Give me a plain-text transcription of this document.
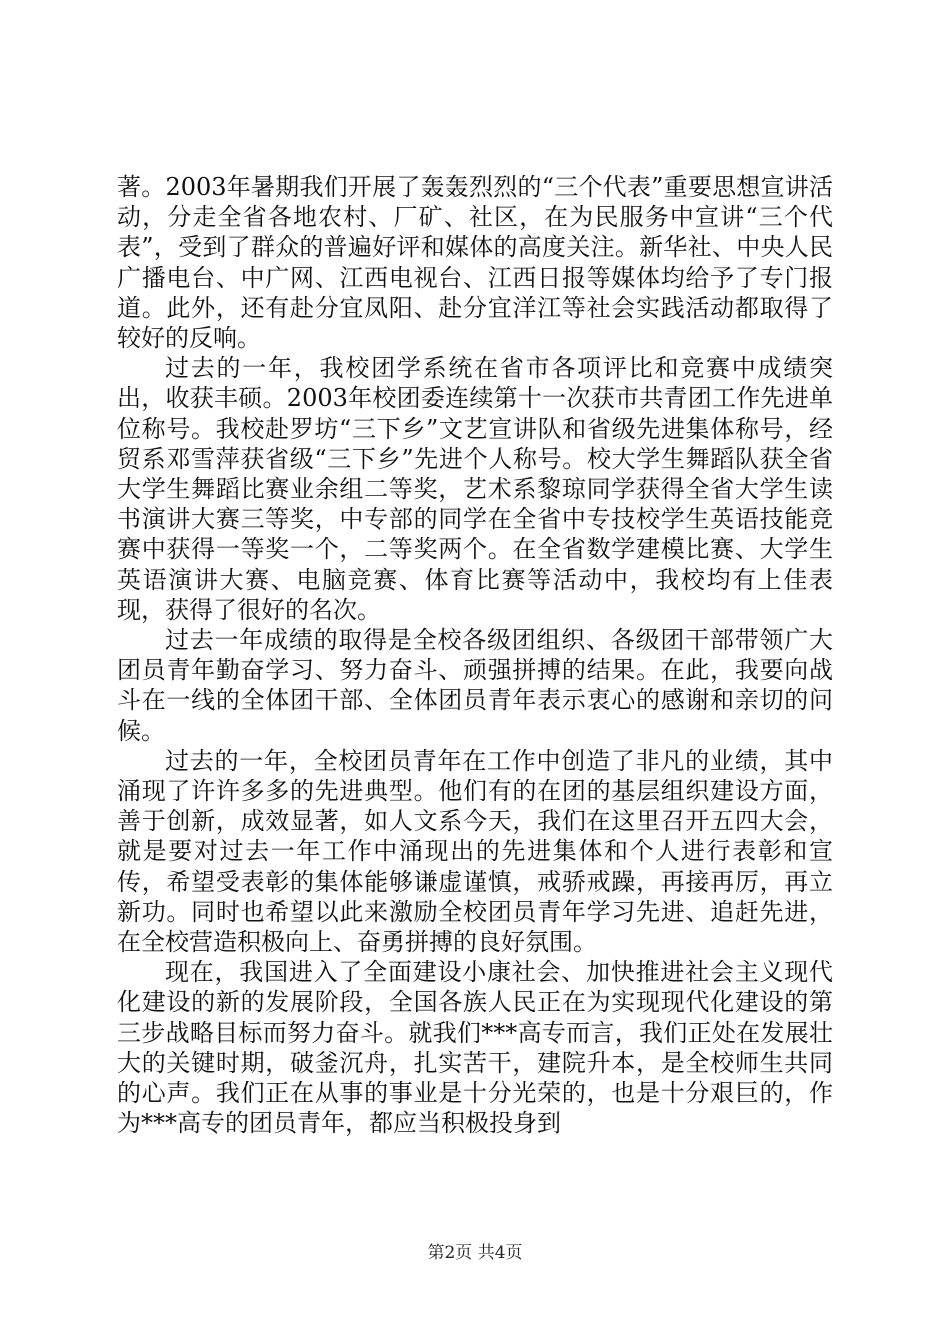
著。2003年暑期我们开展了轰轰烈烈的“三个代表”重要思想宣讲活动，分走全省各地农村、厂矿、社区，在为民服务中宣讲“三个代表”，受到了群众的普遍好评和媒体的高度关注。新华社、中央人民广播电台、中广网、江西电视台、江西日报等媒体均给予了专门报道。此外，还有赴分宜凤阳、赴分宜洋江等社会实践活动都取得了较好的反响。

过去的一年，我校团学系统在省市各项评比和竞赛中成绩突出，收获丰硕。2003年校团委连续第十一次获市共青团工作先进单位称号。我校赴罗坊“三下乡”文艺宣讲队和省级先进集体称号，经贸系邓雪萍获省级“三下乡”先进个人称号。校大学生舞蹈队获全省大学生舞蹈比赛业余组二等奖，艺术系黎琼同学获得全省大学生读书演讲大赛三等奖，中专部的同学在全省中专技校学生英语技能竞赛中获得一等奖一个，二等奖两个。在全省数学建模比赛、大学生英语演讲大赛、电脑竞赛、体育比赛等活动中，我校均有上佳表现，获得了很好的名次。

过去一年成绩的取得是全校各级团组织、各级团干部带领广大团员青年勤奋学习、努力奋斗、顽强拼搏的结果。在此，我要向战斗在一线的全体团干部、全体团员青年表示衷心的感谢和亲切的问候。

过去的一年，全校团员青年在工作中创造了非凡的业绩，其中涌现了许许多多的先进典型。他们有的在团的基层组织建设方面，善于创新，成效显著，如人文系今天，我们在这里召开五四大会，就是要对过去一年工作中涌现出的先进集体和个人进行表彰和宣传，希望受表彰的集体能够谦虚谨慎，戒骄戒躁，再接再厉，再立新功。同时也希望以此来激励全校团员青年学习先进、追赶先进，在全校营造积极向上、奋勇拼搏的良好氛围。

现在，我国进入了全面建设小康社会、加快推进社会主义现代化建设的新的发展阶段，全国各族人民正在为实现现代化建设的第三步战略目标而努力奋斗。就我们***高专而言，我们正处在发展壮大的关键时期，破釜沉舟，扎实苦干，建院升本，是全校师生共同的心声。我们正在从事的事业是十分光荣的，也是十分艰巨的，作为***高专的团员青年，都应当积极投身到

第2页 共4页
